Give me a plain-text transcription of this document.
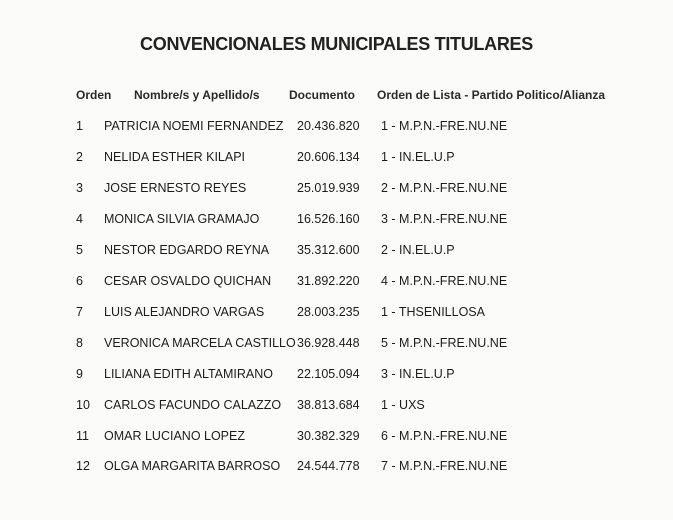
CONVENCIONALES MUNICIPALES TITULARES
Orden Nombre/s y Apellido/s Documento Orden de Lista - Partido Politico/Alianza
1 PATRICIA NOEMI FERNANDEZ 20.436.820 1 - M.P.N.-FRE.NU.NE
2 NELIDA ESTHER KILAPI	20.606.134 1 - IN.EL.U.P
3 JOSE ERNESTO REYES	25.019.939 2 - M.P.N.-FRE.NU.NE
4 MONICA SILVIA GRAMAJO	16.526.160 3 - M.P.N.-FRE.NU.NE
5 NESTOR EDGARDO REYNA 35.312.600 2 - IN.EL.U.P
6 CESAR OSVALDO QUICHAN 31.892.220 4 - M.P.N.-FRE.NU.NE
7 LUIS ALEJANDRO VARGAS	28.003.235 1 - THSENILLOSA
8 VERONICA MARCELA CASTILLO 36.928.448 5 - M.P.N.-FRE.NU.NE
9 LILIANA EDITH ALTAMIRANO 22.105.094 3 - IN.EL.U.P
10 CARLOS FACUNDO CALAZZO 38.813.684 1 - UXS
11 OMAR LUCIANO LOPEZ	30.382.329 6 - M.P.N.-FRE.NU.NE
12 OLGA MARGARITA BARROSO 24.544.778 7 - M.P.N.-FRE.NU.NE
